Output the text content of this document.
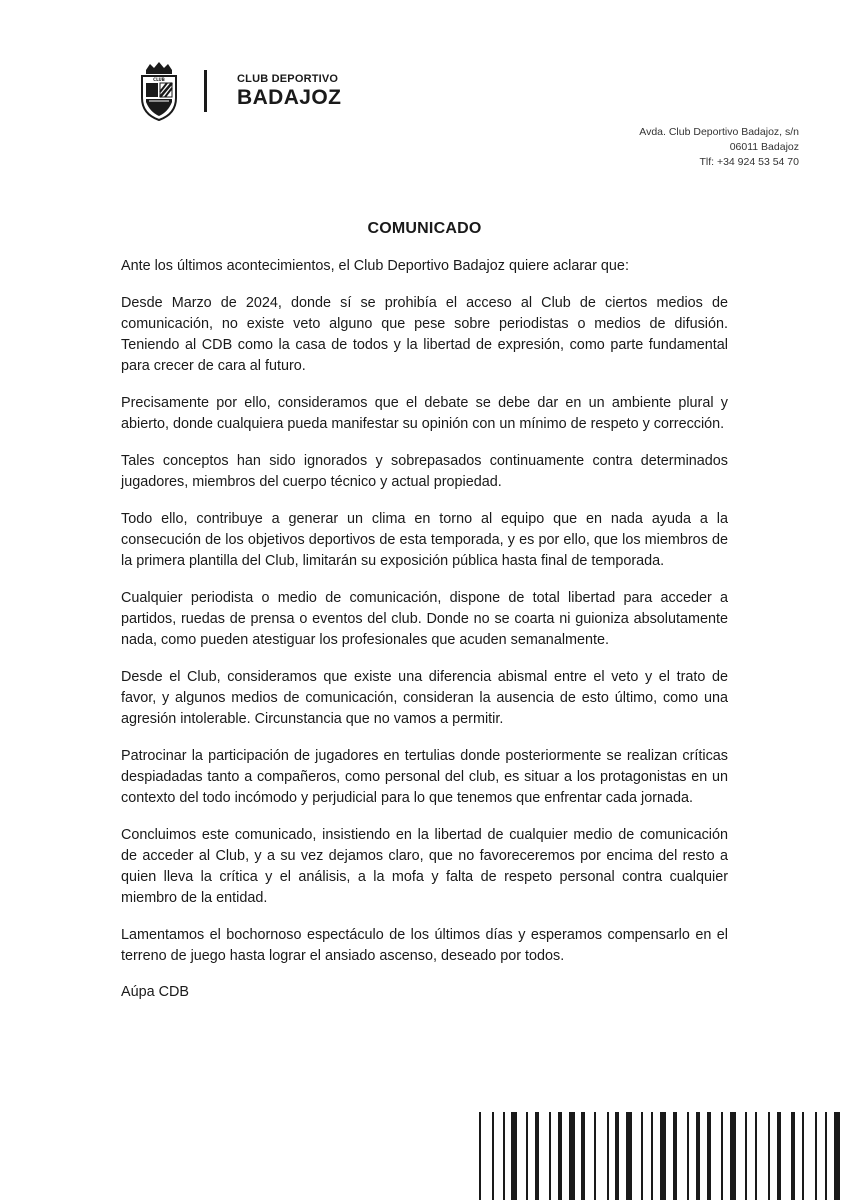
CLUB	CLUB DEPORTIVO
BADAJOZ
Avda. Club Deportivo Badajoz, s/n
06011 Badajoz
Tlf: +34 924 53 54 70
COMUNICADO

Ante los últimos acontecimientos, el Club Deportivo Badajoz quiere aclarar que:

Desde Marzo de 2024, donde sí se prohibía el acceso al Club de ciertos medios de comunicación, no existe veto alguno que pese sobre periodistas o medios de difusión. Teniendo al CDB como la casa de todos y la libertad de expresión, como parte fundamental para crecer de cara al futuro.

Precisamente por ello, consideramos que el debate se debe dar en un ambiente plural y abierto, donde cualquiera pueda manifestar su opinión con un mínimo de respeto y corrección.

Tales conceptos han sido ignorados y sobrepasados continuamente contra determinados jugadores, miembros del cuerpo técnico y actual propiedad.

Todo ello, contribuye a generar un clima en torno al equipo que en nada ayuda a la consecución de los objetivos deportivos de esta temporada, y es por ello, que los miembros de la primera plantilla del Club, limitarán su exposición pública hasta final de temporada.

Cualquier periodista o medio de comunicación, dispone de total libertad para acceder a partidos, ruedas de prensa o eventos del club. Donde no se coarta ni guioniza absolutamente nada, como pueden atestiguar los profesionales que acuden semanalmente.

Desde el Club, consideramos que existe una diferencia abismal entre el veto y el trato de favor, y algunos medios de comunicación, consideran la ausencia de esto último, como una agresión intolerable. Circunstancia que no vamos a permitir.

Patrocinar la participación de jugadores en tertulias donde posteriormente se realizan críticas despiadadas tanto a compañeros, como personal del club, es situar a los protagonistas en un contexto del todo incómodo y perjudicial para lo que tenemos que enfrentar cada jornada.

Concluimos este comunicado, insistiendo en la libertad de cualquier medio de comunicación de acceder al Club, y a su vez dejamos claro, que no favoreceremos por encima del resto a quien lleva la crítica y el análisis, a la mofa y falta de respeto personal contra cualquier miembro de la entidad.

Lamentamos el bochornoso espectáculo de los últimos días y esperamos compensarlo en el terreno de juego hasta lograr el ansiado ascenso, deseado por todos.

Aúpa CDB
